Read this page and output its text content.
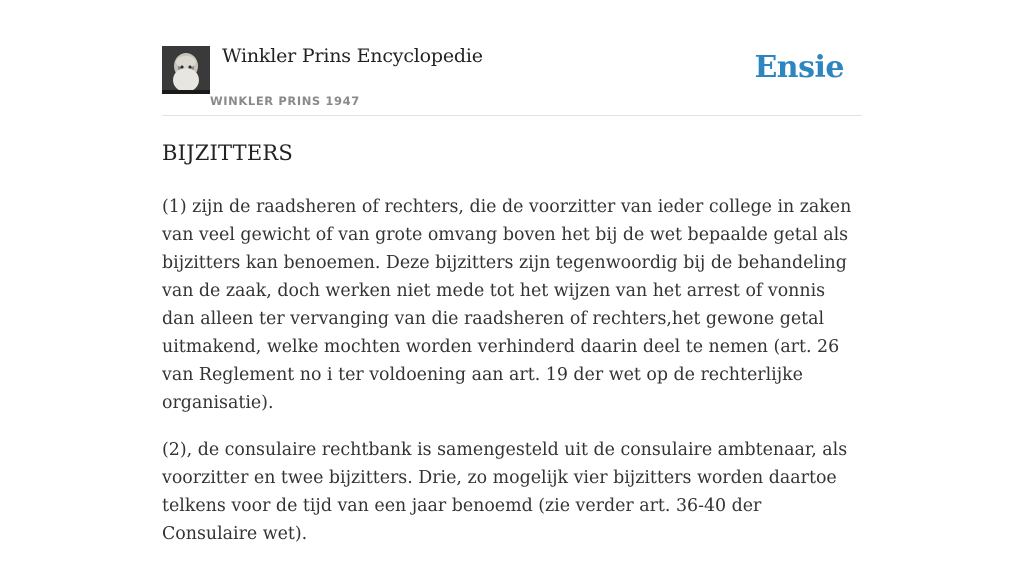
Winkler Prins Encyclopedie
WINKLER PRINS 1947
Ensie
BIJZITTERS

(1) zijn de raadsheren of rechters, die de voorzitter van ieder college in zaken van veel gewicht of van grote omvang boven het bij de wet bepaalde getal als bijzitters kan benoemen. Deze bijzitters zijn tegenwoordig bij de behandeling van de zaak, doch werken niet mede tot het wijzen van het arrest of vonnis dan alleen ter vervanging van die raadsheren of rechters,het gewone getal uitmakend, welke mochten worden verhinderd daarin deel te nemen (art. 26 van Reglement no i ter voldoening aan art. 19 der wet op de rechterlijke organisatie).

(2), de consulaire rechtbank is samengesteld uit de consulaire ambtenaar, als voorzitter en twee bijzitters. Drie, zo mogelijk vier bijzitters worden daartoe telkens voor de tijd van een jaar benoemd (zie verder art. 36-40 der Consulaire wet).
